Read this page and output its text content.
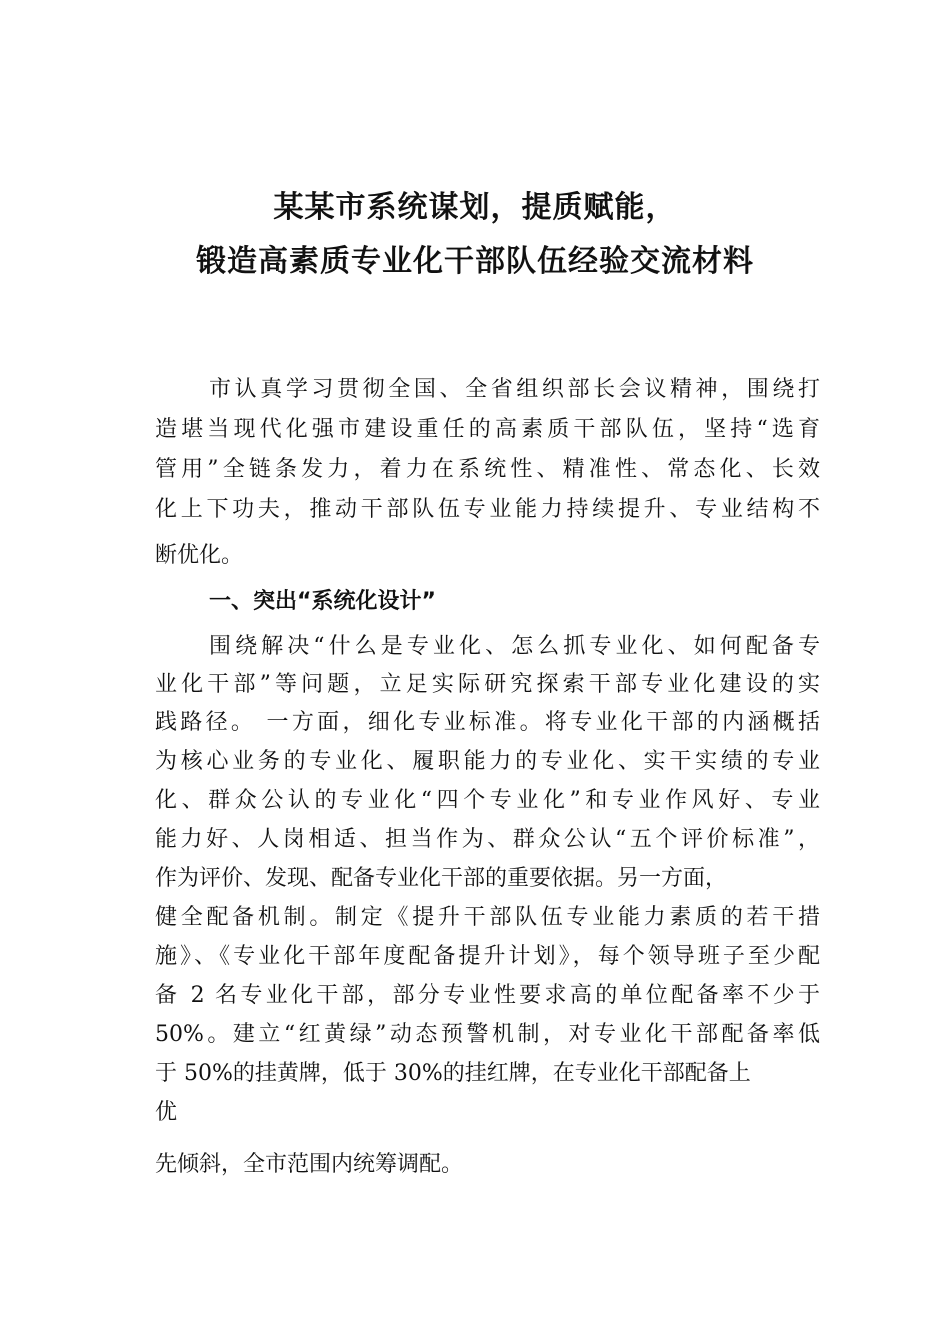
某某市系统谋划，提质赋能，
锻造高素质专业化干部队伍经验交流材料
市认真学习贯彻全国、全省组织部长会议精神，围绕打
造堪当现代化强市建设重任的高素质干部队伍，坚持“选育
管用”全链条发力，着力在系统性、精准性、常态化、长效
化上下功夫，推动干部队伍专业能力持续提升、专业结构不
断优化。
一、突出“系统化设计”
围绕解决“什么是专业化、怎么抓专业化、如何配备专
业化干部”等问题，立足实际研究探索干部专业化建设的实
践路径。 一方面，细化专业标准。将专业化干部的内涵概括
为核心业务的专业化、履职能力的专业化、实干实绩的专业
化、群众公认的专业化“四个专业化”和专业作风好、专业
能力好、人岗相适、担当作为、群众公认“五个评价标准”，
作为评价、发现、配备专业化干部的重要依据。另一方面，
健全配备机制。制定《提升干部队伍专业能力素质的若干措
施》、《专业化干部年度配备提升计划》，每个领导班子至少配
备 2 名专业化干部，部分专业性要求高的单位配备率不少于
50%。建立“红黄绿”动态预警机制，对专业化干部配备率低
于 50%的挂黄牌，低于 30%的挂红牌，在专业化干部配备上
优
先倾斜，全市范围内统筹调配。
